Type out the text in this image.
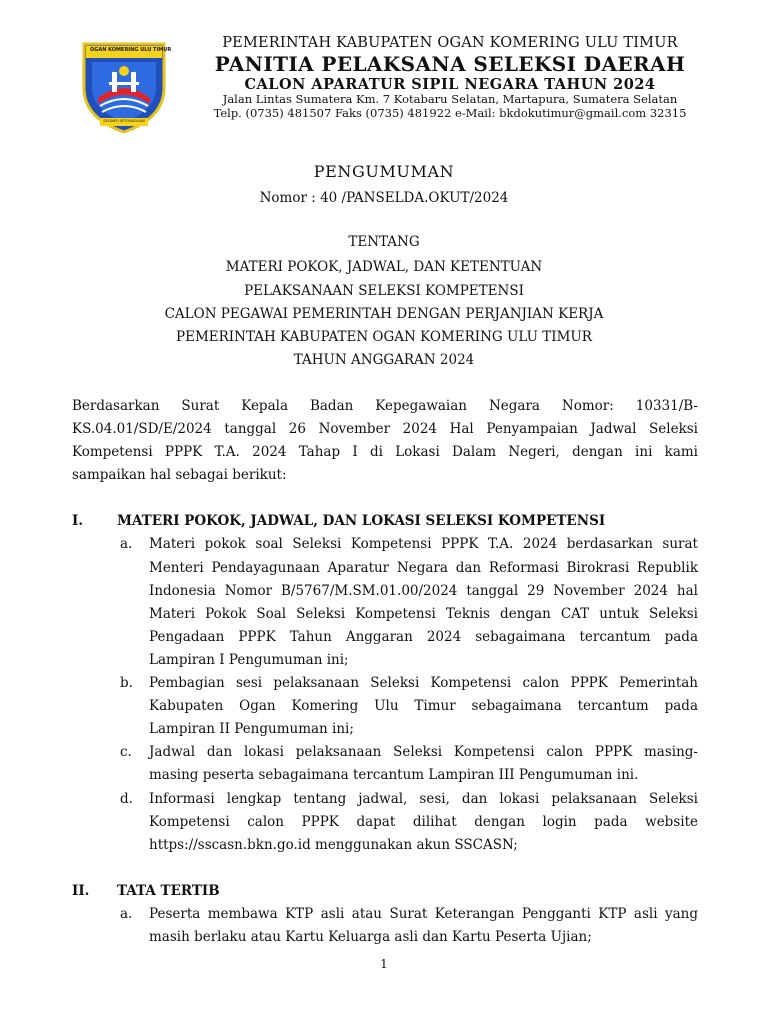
OGAN KOMERING ULU TIMUR
SEGANTI SETUNGGUAN
PEMERINTAH KABUPATEN OGAN KOMERING ULU TIMUR
PANITIA PELAKSANA SELEKSI DAERAH
CALON APARATUR SIPIL NEGARA TAHUN 2024
Jalan Lintas Sumatera Km. 7 Kotabaru Selatan, Martapura, Sumatera Selatan
Telp. (0735) 481507 Faks (0735) 481922 e-Mail: bkdokutimur@gmail.com 32315
PENGUMUMAN
Nomor : 40 /PANSELDA.OKUT/2024
TENTANG
MATERI POKOK, JADWAL, DAN KETENTUAN
PELAKSANAAN SELEKSI KOMPETENSI
CALON PEGAWAI PEMERINTAH DENGAN PERJANJIAN KERJA
PEMERINTAH KABUPATEN OGAN KOMERING ULU TIMUR
TAHUN ANGGARAN 2024
Berdasarkan Surat Kepala Badan Kepegawaian Negara Nomor: 10331/B-
KS.04.01/SD/E/2024 tanggal 26 November 2024 Hal Penyampaian Jadwal Seleksi
Kompetensi PPPK T.A. 2024 Tahap I di Lokasi Dalam Negeri, dengan ini kami
sampaikan hal sebagai berikut:
I.	MATERI POKOK, JADWAL, DAN LOKASI SELEKSI KOMPETENSI
a. Materi pokok soal Seleksi Kompetensi PPPK T.A. 2024 berdasarkan surat
Menteri Pendayagunaan Aparatur Negara dan Reformasi Birokrasi Republik
Indonesia Nomor B/5767/M.SM.01.00/2024 tanggal 29 November 2024 hal
Materi Pokok Soal Seleksi Kompetensi Teknis dengan CAT untuk Seleksi
Pengadaan PPPK Tahun Anggaran 2024 sebagaimana tercantum pada
Lampiran I Pengumuman ini;
b. Pembagian sesi pelaksanaan Seleksi Kompetensi calon PPPK Pemerintah
Kabupaten Ogan Komering Ulu Timur sebagaimana tercantum pada
Lampiran II Pengumuman ini;
c. Jadwal dan lokasi pelaksanaan Seleksi Kompetensi calon PPPK masing-
masing peserta sebagaimana tercantum Lampiran III Pengumuman ini.
d. Informasi lengkap tentang jadwal, sesi, dan lokasi pelaksanaan Seleksi
Kompetensi calon PPPK dapat dilihat dengan login pada website
https://sscasn.bkn.go.id menggunakan akun SSCASN;
II. TATA TERTIB
a. Peserta membawa KTP asli atau Surat Keterangan Pengganti KTP asli yang
masih berlaku atau Kartu Keluarga asli dan Kartu Peserta Ujian;
1
